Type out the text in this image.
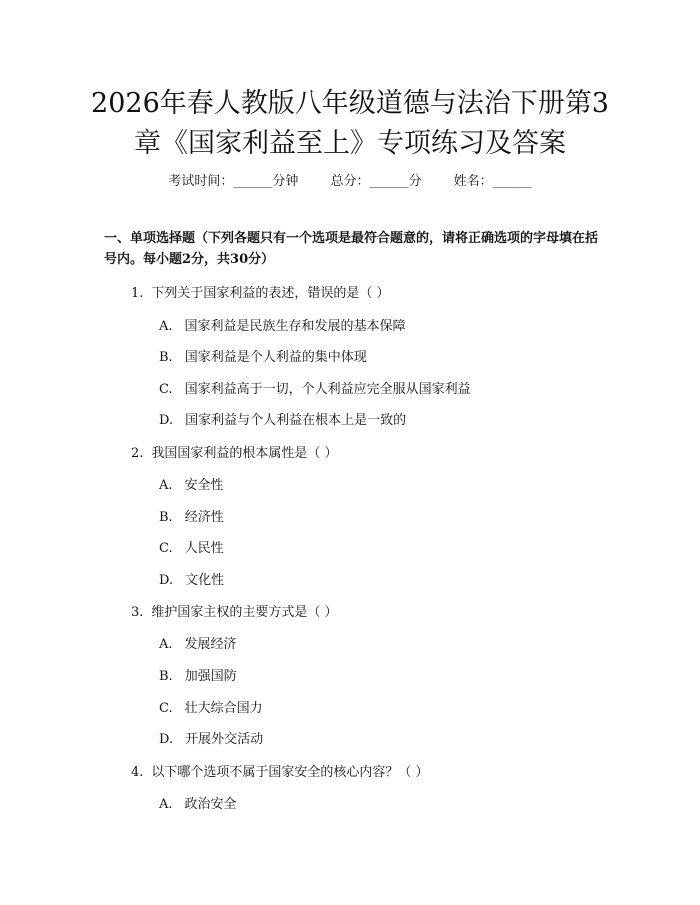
2026年春人教版八年级道德与法治下册第3
章《国家利益至上》专项练习及答案
考试时间：______分钟 总分：______分 姓名：______

一、单项选择题（下列各题只有一个选项是最符合题意的，请将正确选项的字母填在括号内。每小题2分，共30分）

1. 下列关于国家利益的表述，错误的是（ ）
A. 国家利益是民族生存和发展的基本保障
B. 国家利益是个人利益的集中体现
C. 国家利益高于一切，个人利益应完全服从国家利益
D. 国家利益与个人利益在根本上是一致的
2. 我国国家利益的根本属性是（ ）
A. 安全性
B. 经济性
C. 人民性
D. 文化性
3. 维护国家主权的主要方式是（ ）
A. 发展经济
B. 加强国防
C. 壮大综合国力
D. 开展外交活动
4. 以下哪个选项不属于国家安全的核心内容？（ ）
A. 政治安全
